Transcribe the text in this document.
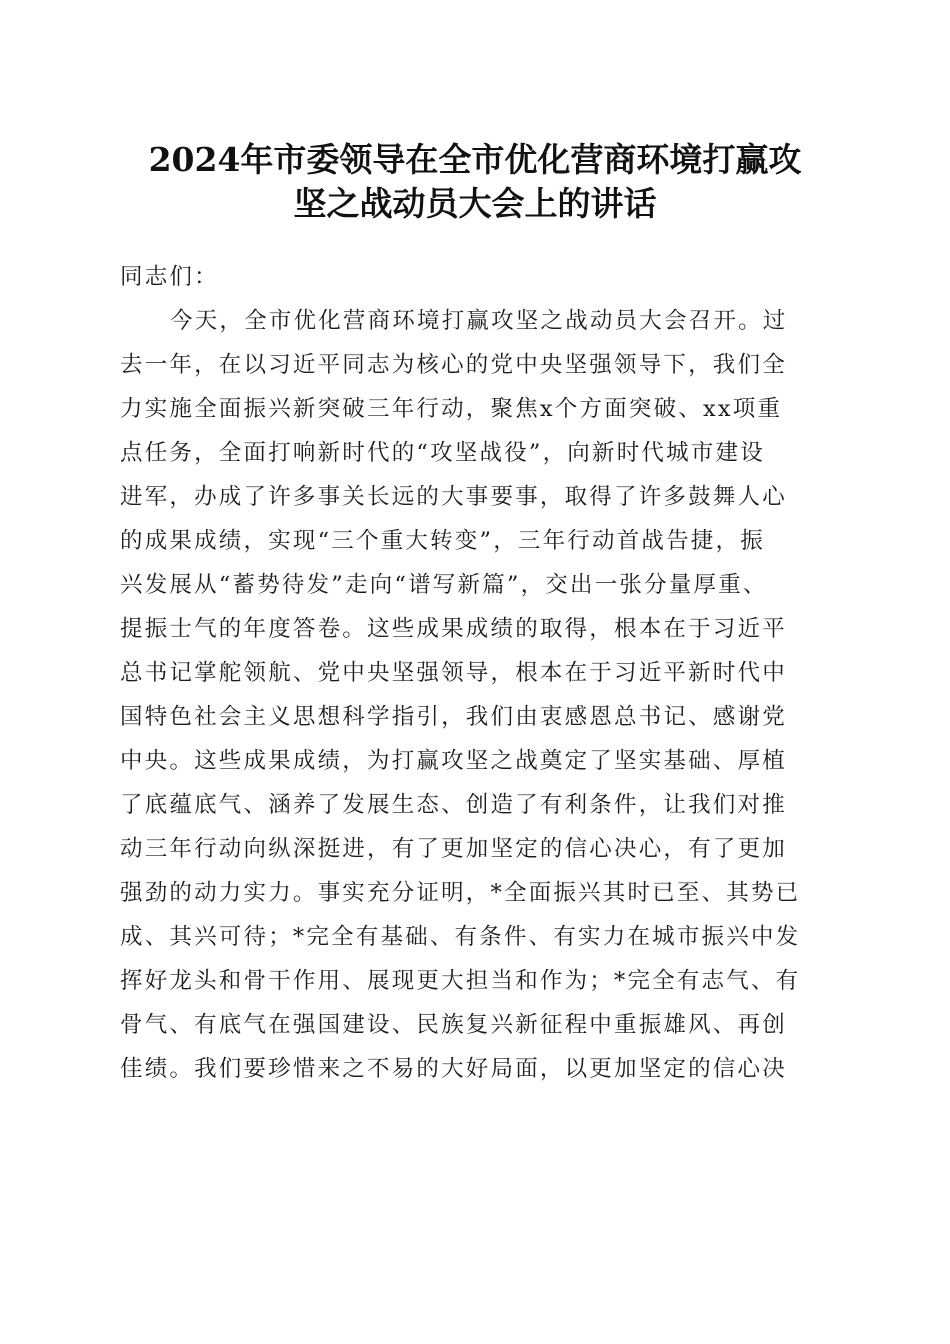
2024年市委领导在全市优化营商环境打赢攻
坚之战动员大会上的讲话
同志们：
今天，全市优化营商环境打赢攻坚之战动员大会召开。过
去一年，在以习近平同志为核心的党中央坚强领导下，我们全
力实施全面振兴新突破三年行动，聚焦x个方面突破、xx项重
点任务，全面打响新时代的“攻坚战役”，向新时代城市建设
进军，办成了许多事关长远的大事要事，取得了许多鼓舞人心
的成果成绩，实现“三个重大转变”，三年行动首战告捷，振
兴发展从“蓄势待发”走向“谱写新篇”，交出一张分量厚重、
提振士气的年度答卷。这些成果成绩的取得，根本在于习近平
总书记掌舵领航、党中央坚强领导，根本在于习近平新时代中
国特色社会主义思想科学指引，我们由衷感恩总书记、感谢党
中央。这些成果成绩，为打赢攻坚之战奠定了坚实基础、厚植
了底蕴底气、涵养了发展生态、创造了有利条件，让我们对推
动三年行动向纵深挺进，有了更加坚定的信心决心，有了更加
强劲的动力实力。事实充分证明，*全面振兴其时已至、其势已
成、其兴可待；*完全有基础、有条件、有实力在城市振兴中发
挥好龙头和骨干作用、展现更大担当和作为；*完全有志气、有
骨气、有底气在强国建设、民族复兴新征程中重振雄风、再创
佳绩。我们要珍惜来之不易的大好局面，以更加坚定的信心决
